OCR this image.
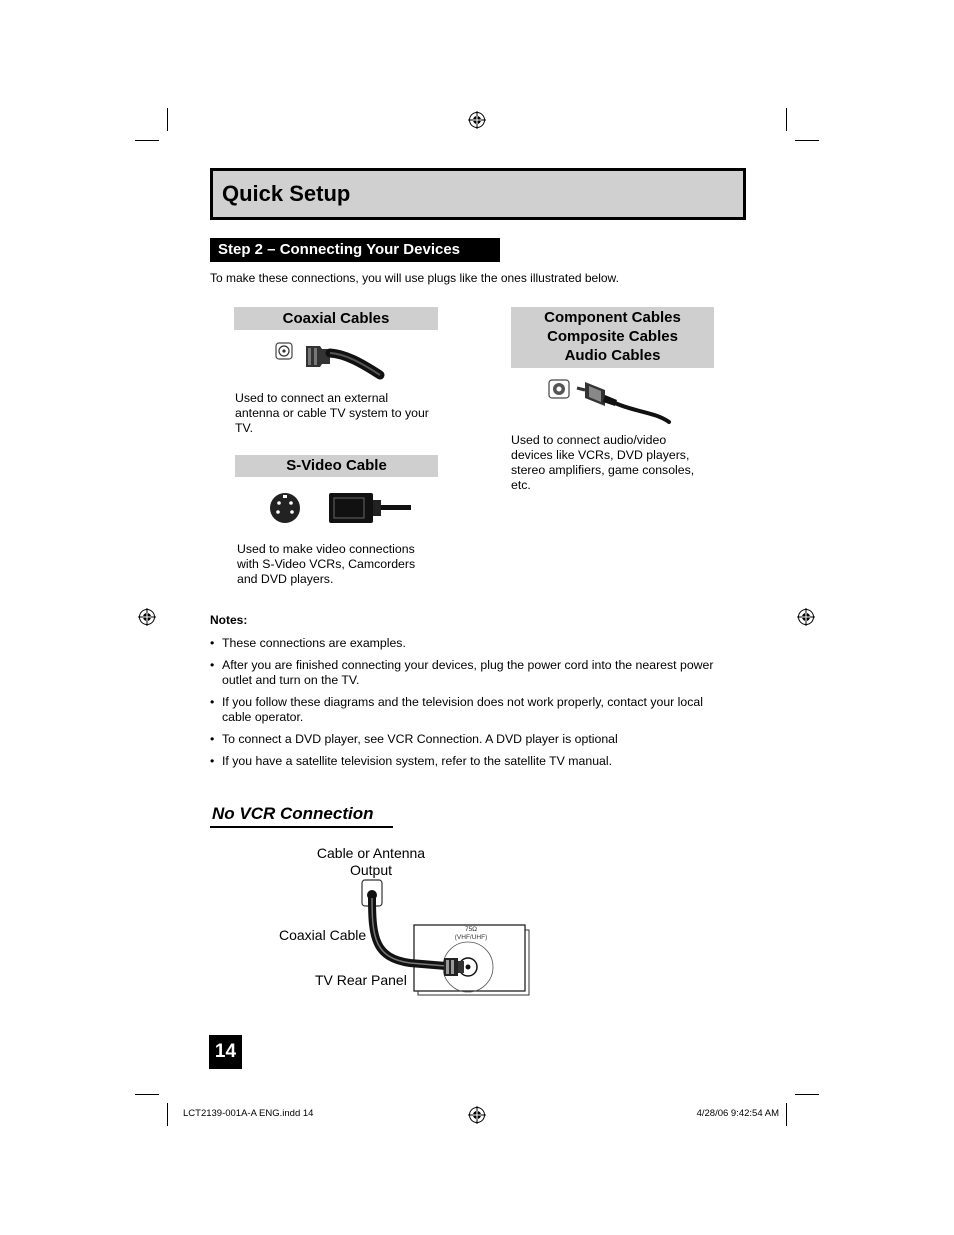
Quick Setup
Step 2 – Connecting Your Devices
To make these connections, you will use plugs like the ones illustrated below.
Coaxial Cables
Used to connect an external
antenna or cable TV system to your
TV.
S-Video Cable
Used to make video connections
with S-Video VCRs, Camcorders
and DVD players.
Component Cables
Composite Cables
Audio Cables
Used to connect audio/video
devices like VCRs, DVD players,
stereo amplifiers, game consoles,
etc.
Notes:
• These connections are examples.
• After you are finished connecting your devices, plug the power cord into the nearest power
outlet and turn on the TV.
• If you follow these diagrams and the television does not work properly, contact your local
cable operator.
• To connect a DVD player, see VCR Connection. A DVD player is optional
• If you have a satellite television system, refer to the satellite TV manual.
No VCR Connection
Cable or Antenna
Output
Coaxial Cable
TV Rear Panel
75Ω
(VHF/UHF)
14
LCT2139-001A-A ENG.indd 14	4/28/06 9:42:54 AM
